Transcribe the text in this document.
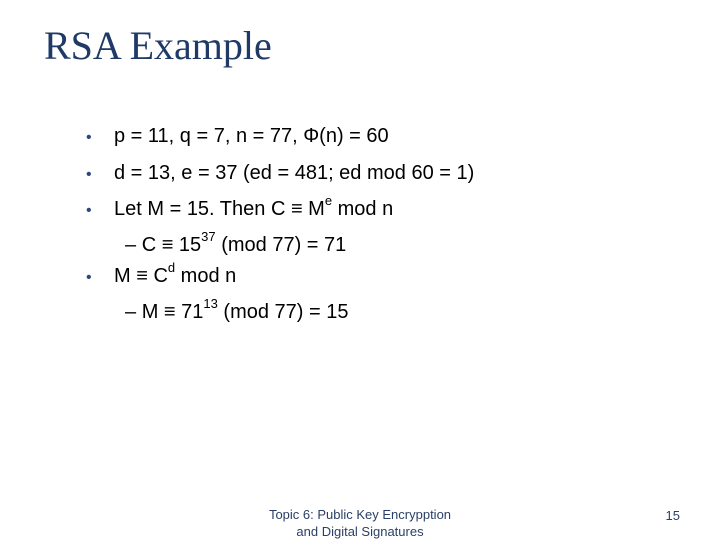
RSA Example
• p = 11, q = 7, n = 77, Φ(n) = 60
• d = 13, e = 37 (ed = 481; ed mod 60 = 1)
• Let M = 15. Then $C \equiv M^e$ mod n
– $C \equiv 15^{37}$ (mod 77) = 71
• $M \equiv C^d$ mod n
– $M \equiv 71^{13}$ (mod 77) = 15
Topic 6: Public Key Encrypption
and Digital Signatures
15
